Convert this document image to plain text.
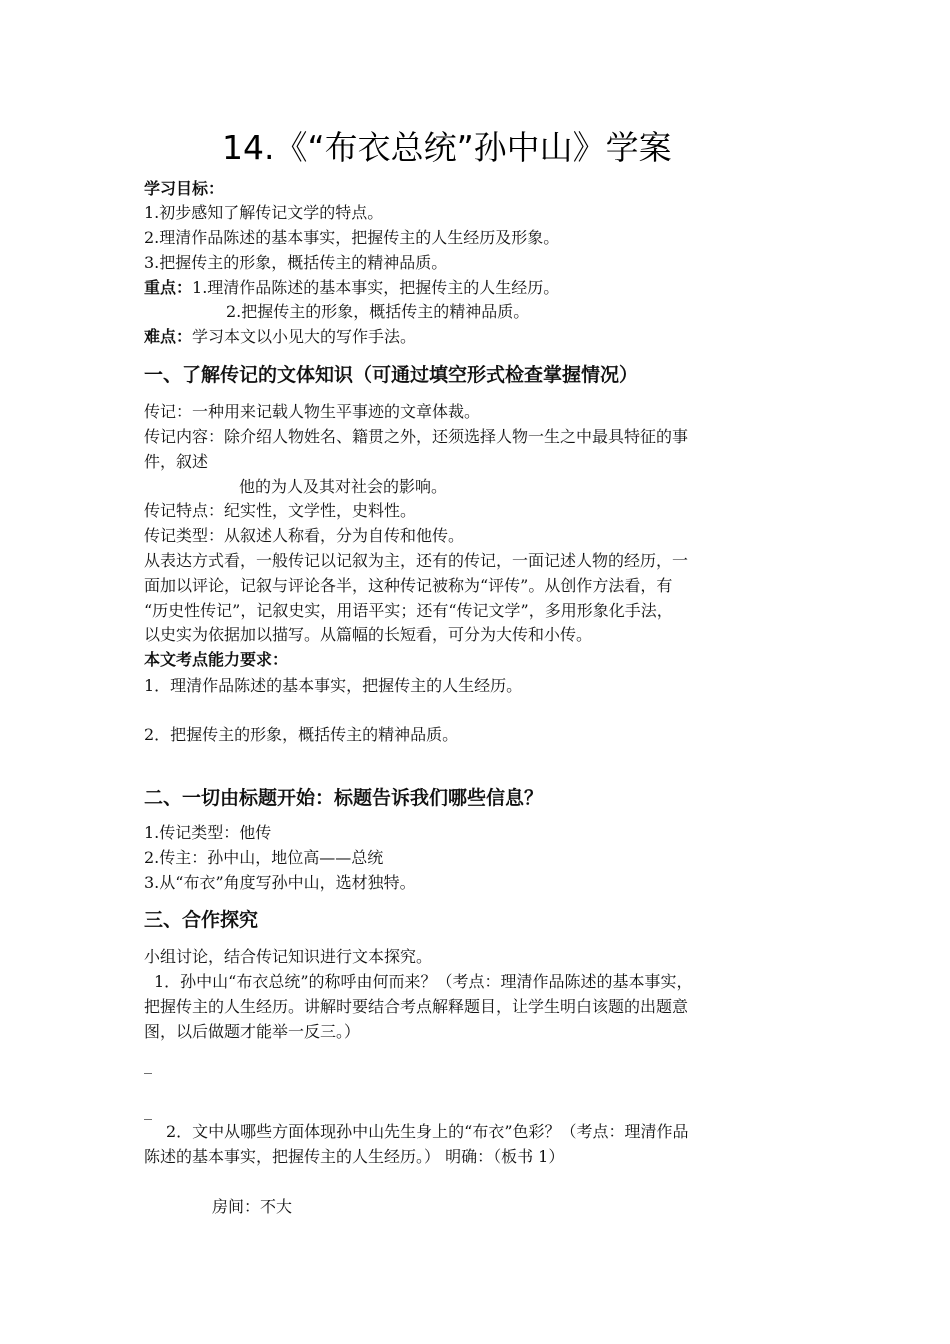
14.《“布衣总统”孙中山》学案
学习目标：
1.初步感知了解传记文学的特点。
2.理清作品陈述的基本事实，把握传主的人生经历及形象。
3.把握传主的形象，概括传主的精神品质。
重点：1.理清作品陈述的基本事实，把握传主的人生经历。
2.把握传主的形象，概括传主的精神品质。
难点：学习本文以小见大的写作手法。
一、了解传记的文体知识（可通过填空形式检查掌握情况）
传记：一种用来记载人物生平事迹的文章体裁。
传记内容：除介绍人物姓名、籍贯之外，还须选择人物一生之中最具特征的事
件，叙述
他的为人及其对社会的影响。
传记特点：纪实性，文学性，史料性。
传记类型：从叙述人称看，分为自传和他传。
从表达方式看，一般传记以记叙为主，还有的传记，一面记述人物的经历，一
面加以评论，记叙与评论各半，这种传记被称为“评传”。从创作方法看，有
“历史性传记”，记叙史实，用语平实；还有“传记文学”，多用形象化手法，
以史实为依据加以描写。从篇幅的长短看，可分为大传和小传。
本文考点能力要求：
1．理清作品陈述的基本事实，把握传主的人生经历。
2．把握传主的形象，概括传主的精神品质。
二、一切由标题开始：标题告诉我们哪些信息？
1.传记类型：他传
2.传主：孙中山，地位高——总统
3.从“布衣”角度写孙中山，选材独特。
三、合作探究
小组讨论，结合传记知识进行文本探究。
1．孙中山“布衣总统”的称呼由何而来？（考点：理清作品陈述的基本事实，
把握传主的人生经历。讲解时要结合考点解释题目，让学生明白该题的出题意
图，以后做题才能举一反三。）
_
_
2．文中从哪些方面体现孙中山先生身上的“布衣”色彩？（考点：理清作品
陈述的基本事实，把握传主的人生经历。） 明确：（板书 1）
房间：不大
